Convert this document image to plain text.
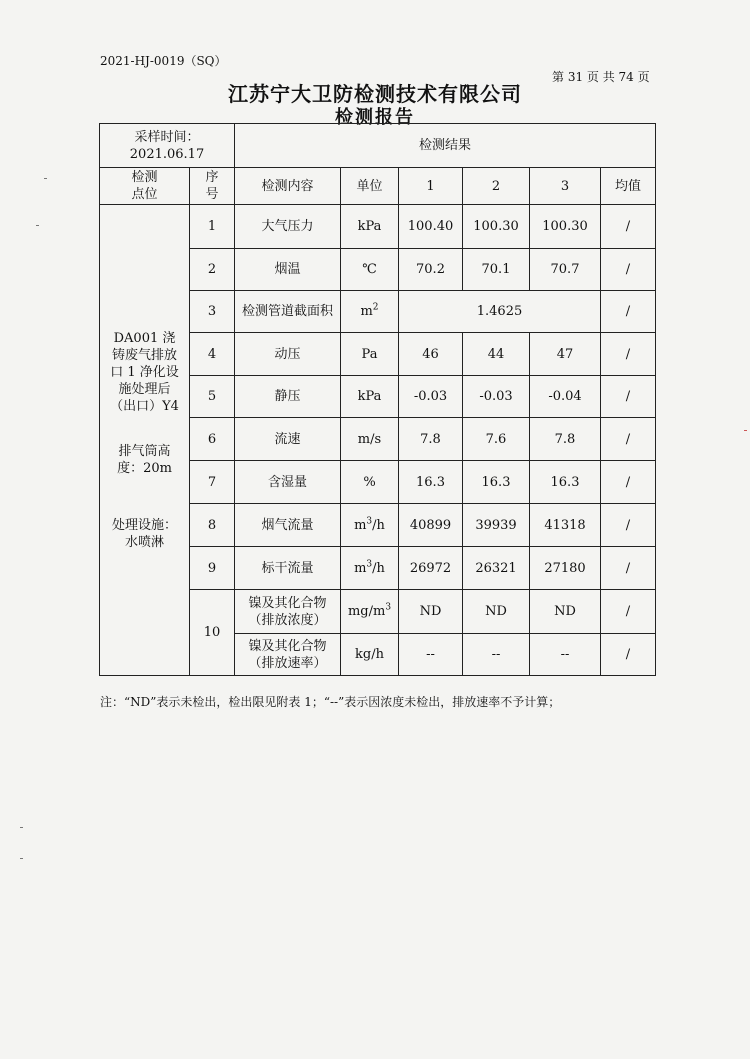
2021-HJ-0019（SQ）
第 31 页 共 74 页
江苏宁大卫防检测技术有限公司
检测报告
采样时间：
2021.06.17		检测结果					
检测点位	序号	检测内容	单位	1	2	3	均值

DA001 浇铸废气排放口 1 净化设施处理后（出口）Y4
排气筒高度：20m
处理设施：水喷淋	1	大气压力	kPa	100.40	100.30	100.30	/
	2	烟温	℃	70.2	70.1	70.7	/
	3	检测管道截面积	$m^2$	1.4625			/
	4	动压	Pa	46	44	47	/
	5	静压	kPa	-0.03	-0.03	-0.04	/
	6	流速	m/s	7.8	7.6	7.8	/
	7	含湿量	%	16.3	16.3	16.3	/
	8	烟气流量	$m^3/h$	40899	39939	41318	/
	9	标干流量	$m^3/h$	26972	26321	27180	/
	10	镍及其化合物（排放浓度）	$mg/m^3$	ND	ND	ND	/
		镍及其化合物（排放速率）	kg/h	--	--	--	/
注：“ND”表示未检出，检出限见附表 1；“--”表示因浓度未检出，排放速率不予计算；
